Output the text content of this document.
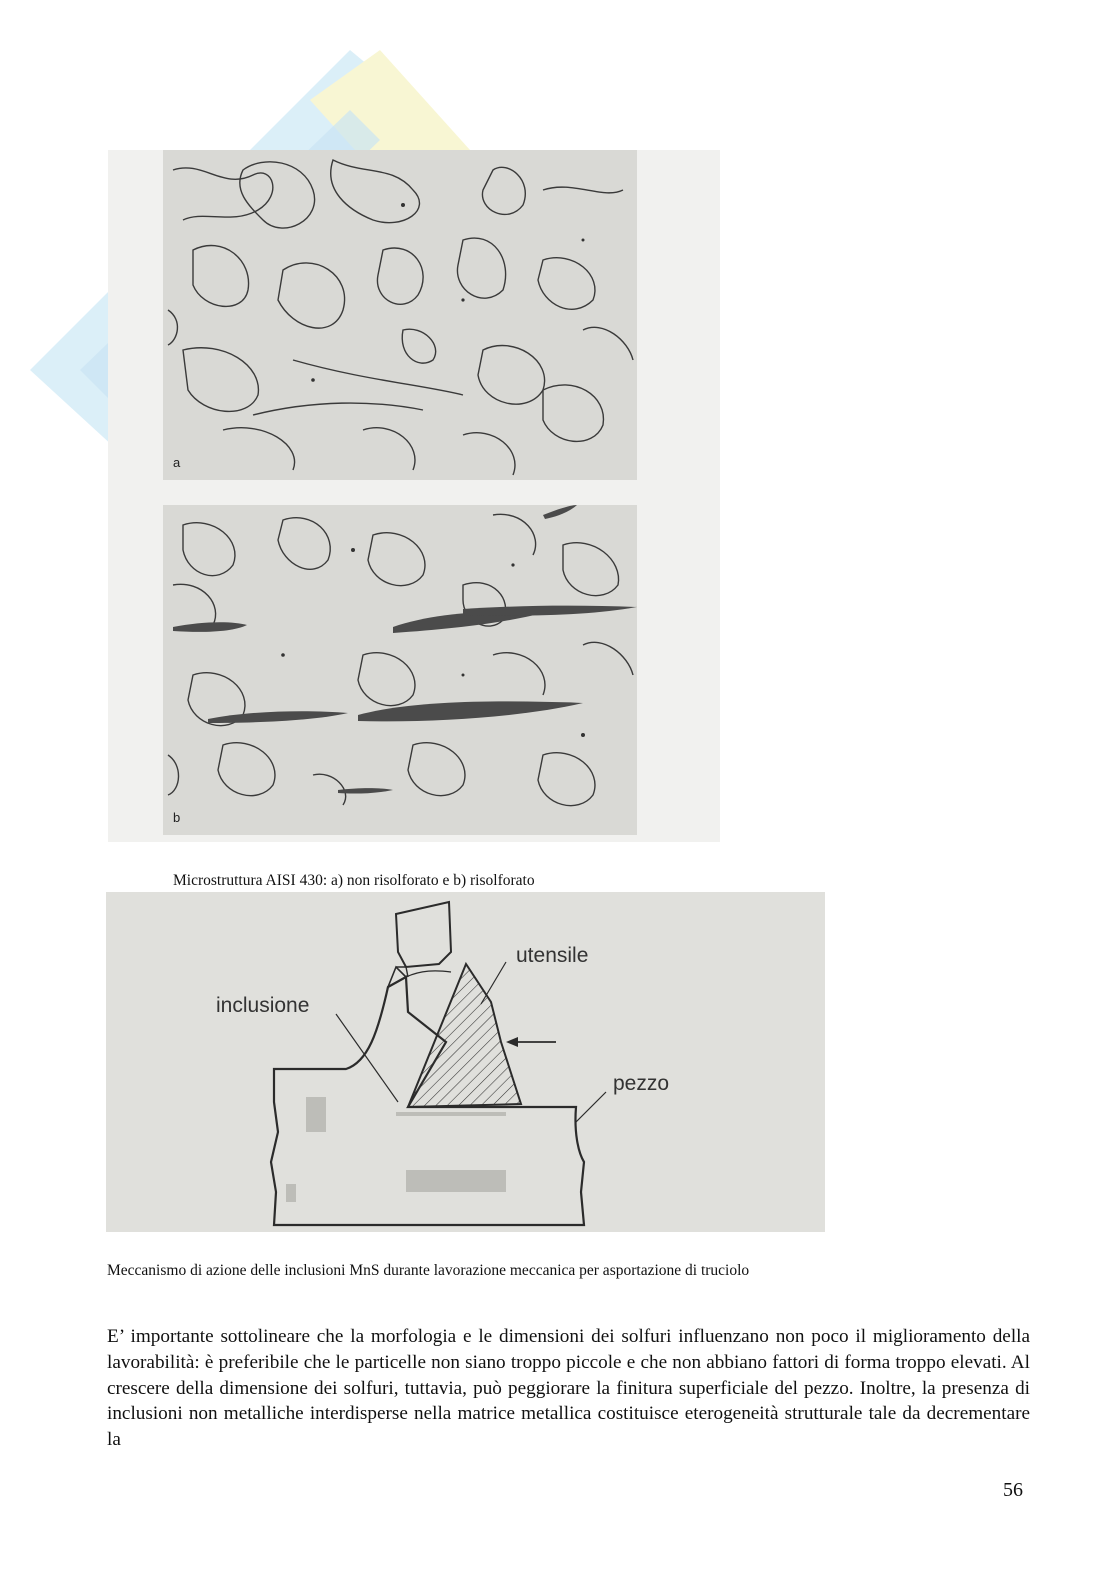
a
b
Microstruttura AISI 430: a) non risolforato e b) risolforato
utensile
inclusione
pezzo
Meccanismo di azione delle inclusioni MnS durante lavorazione meccanica per asportazione di truciolo

E’ importante sottolineare che la morfologia e le dimensioni dei solfuri influenzano non poco il miglioramento della lavorabilità: è preferibile che le particelle non siano troppo piccole e che non abbiano fattori di forma troppo elevati. Al crescere della dimensione dei solfuri, tuttavia, può peggiorare la finitura superficiale del pezzo. Inoltre, la presenza di inclusioni non metalliche interdisperse nella matrice metallica costituisce eterogeneità strutturale tale da decrementare la

56
